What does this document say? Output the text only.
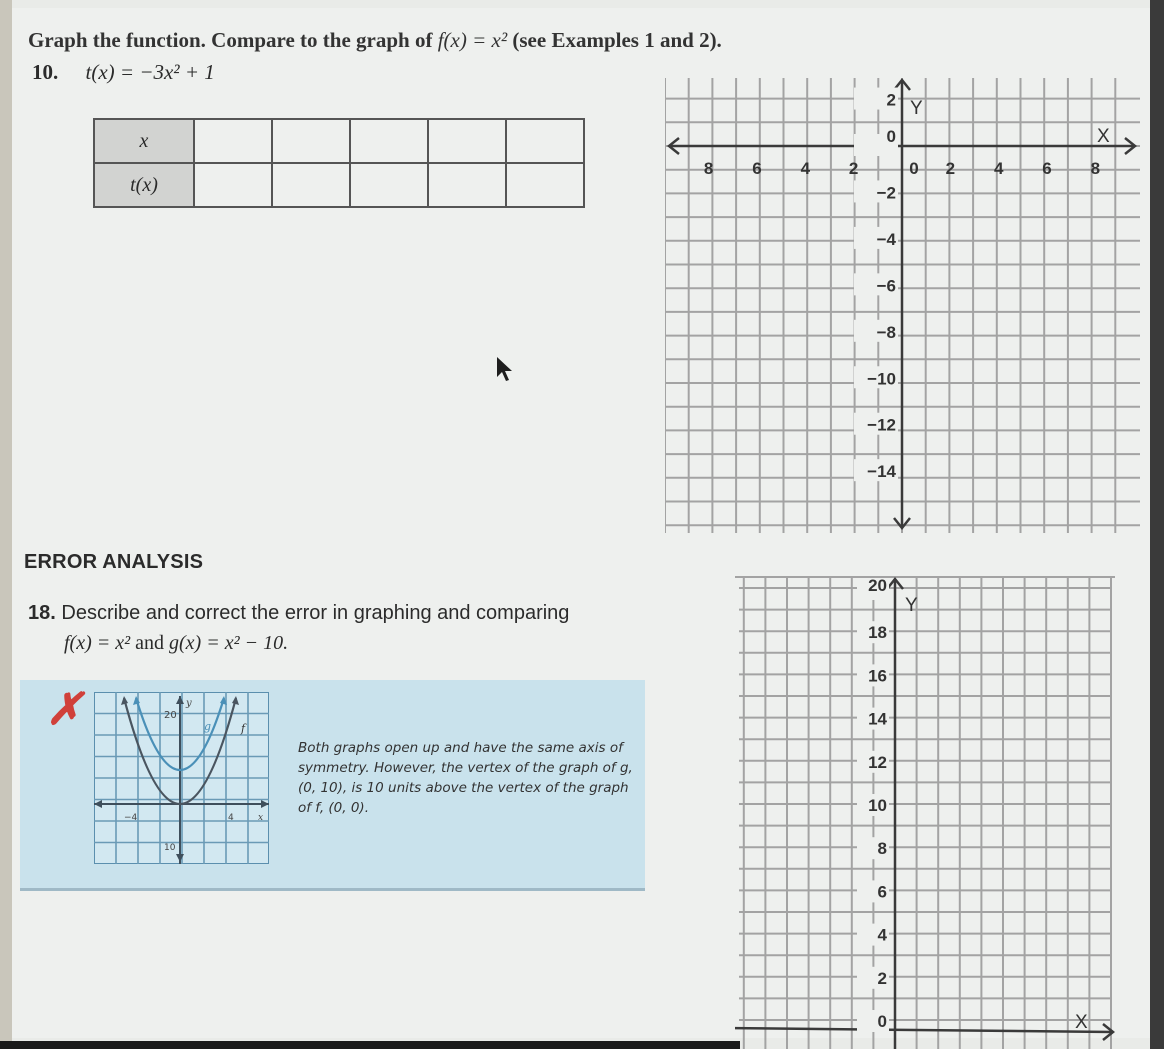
Graph the function. Compare to the graph of f(x) = x² (see Examples 1 and 2).
10. t(x) = −3x² + 1
x					
t(x)					
8 6 4 2	0 2 4 6 8
2
0
−2
−4
−6
−8
−10
−12
−14
Y
X
ERROR ANALYSIS
18. Describe and correct the error in graphing and comparing
f(x) = x² and g(x) = x² − 10.
✗	20
y
g	f
−4	4	x
10
Both graphs open up and have the same axis of symmetry. However, the vertex of the graph of g, (0, 10), is 10 units above the vertex of the graph of f, (0, 0).
20
18
16
14
12
10
8
6
4
2
0
Y
X
